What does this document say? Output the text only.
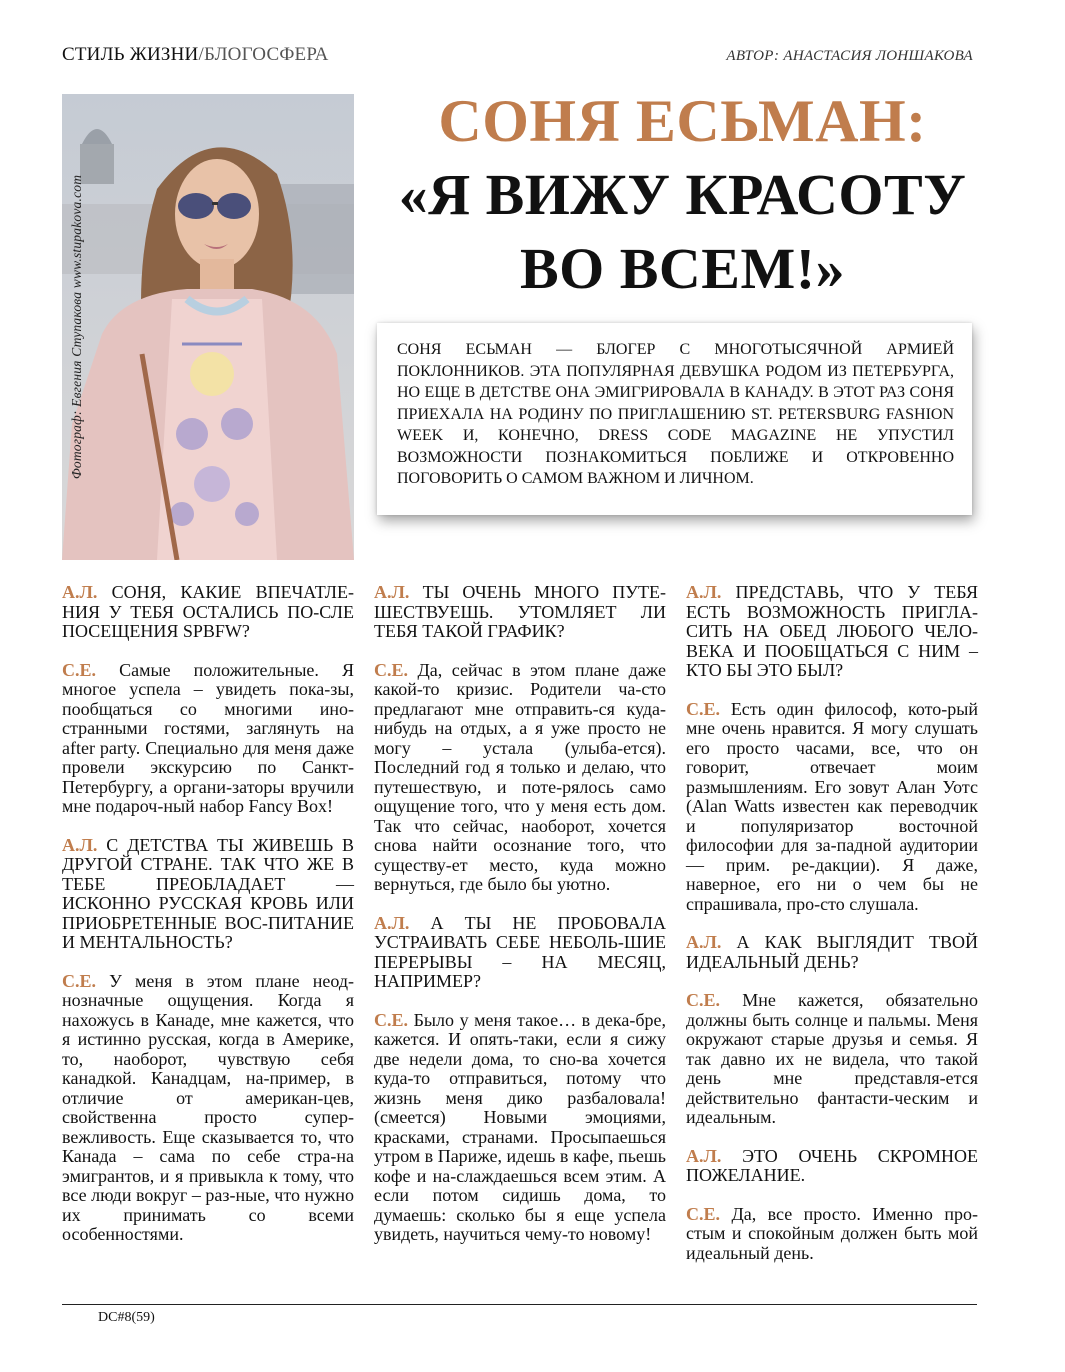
СТИЛЬ ЖИЗНИ/БЛОГОСФЕРА	АВТОР: АНАСТАСИЯ ЛОНШАКОВА
Фотограф: Евгения Ступакова www.stupakova.com
СОНЯ ЕСЬМАН:
«Я ВИЖУ КРАСОТУ
ВО ВСЕМ!»

СОНЯ ЕСЬМАН — БЛОГЕР С МНОГОТЫСЯЧНОЙ АРМИЕЙ ПОКЛОННИКОВ. ЭТА ПОПУЛЯРНАЯ ДЕВУШКА РОДОМ ИЗ ПЕТЕРБУРГА, НО ЕЩЕ В ДЕТСТВЕ ОНА ЭМИГРИРОВАЛА В КАНАДУ. В ЭТОТ РАЗ СОНЯ ПРИЕХАЛА НА РОДИНУ ПО ПРИГЛАШЕНИЮ ST. PETERSBURG FASHION WEEK И, КОНЕЧНО, DRESS CODE MAGAZINE НЕ УПУСТИЛ ВОЗМОЖНОСТИ ПОЗНАКОМИТЬСЯ ПОБЛИЖЕ И ОТКРОВЕННО ПОГОВОРИТЬ О САМОМ ВАЖНОМ И ЛИЧНОМ.

А.Л. СОНЯ, КАКИЕ ВПЕЧАТЛЕ-НИЯ У ТЕБЯ ОСТАЛИСЬ ПО-СЛЕ ПОСЕЩЕНИЯ SPBFW?

С.Е. Самые положительные. Я многое успела – увидеть пока-зы, пообщаться со многими ино-странными гостями, заглянуть на after party. Специально для меня даже провели экскурсию по Санкт-Петербургу, а органи-заторы вручили мне подароч-ный набор Fancy Box!

А.Л. С ДЕТСТВА ТЫ ЖИВЕШЬ В ДРУГОЙ СТРАНЕ. ТАК ЧТО ЖЕ В ТЕБЕ ПРЕОБЛАДАЕТ — ИСКОННО РУССКАЯ КРОВЬ ИЛИ ПРИОБРЕТЕННЫЕ ВОС-ПИТАНИЕ И МЕНТАЛЬНОСТЬ?

С.Е. У меня в этом плане неод-нозначные ощущения. Когда я нахожусь в Канаде, мне кажется, что я истинно русская, когда в Америке, то, наоборот, чувствую себя канадкой. Канадцам, на-пример, в отличие от американ-цев, свойственна просто супер-вежливость. Еще сказывается то, что Канада – сама по себе стра-на эмигрантов, и я привыкла к тому, что все люди вокруг – раз-ные, что нужно их принимать со всеми особенностями.

А.Л. ТЫ ОЧЕНЬ МНОГО ПУТЕ-ШЕСТВУЕШЬ. УТОМЛЯЕТ ЛИ ТЕБЯ ТАКОЙ ГРАФИК?

С.Е. Да, сейчас в этом плане даже какой-то кризис. Родители ча-сто предлагают мне отправить-ся куда-нибудь на отдых, а я уже просто не могу – устала (улыба-ется). Последний год я только и делаю, что путешествую, и поте-рялось само ощущение того, что у меня есть дом. Так что сейчас, наоборот, хочется снова найти осознание того, что существу-ет место, куда можно вернуться, где было бы уютно.

А.Л. А ТЫ НЕ ПРОБОВАЛА УСТРАИВАТЬ СЕБЕ НЕБОЛЬ-ШИЕ ПЕРЕРЫВЫ – НА МЕСЯЦ, НАПРИМЕР?

С.Е. Было у меня такое… в дека-бре, кажется. И опять-таки, если я сижу две недели дома, то сно-ва хочется куда-то отправиться, потому что жизнь меня дико разбаловала! (смеется) Новыми эмоциями, красками, странами. Просыпаешься утром в Париже, идешь в кафе, пьешь кофе и на-слаждаешься всем этим. А если потом сидишь дома, то думаешь: сколько бы я еще успела увидеть, научиться чему-то новому!

А.Л. ПРЕДСТАВЬ, ЧТО У ТЕБЯ ЕСТЬ ВОЗМОЖНОСТЬ ПРИГЛА-СИТЬ НА ОБЕД ЛЮБОГО ЧЕЛО-ВЕКА И ПООБЩАТЬСЯ С НИМ – КТО БЫ ЭТО БЫЛ?

С.Е. Есть один философ, кото-рый мне очень нравится. Я могу слушать его просто часами, все, что он говорит, отвечает моим размышлениям. Его зовут Алан Уотс (Alan Watts известен как переводчик и популяризатор восточной философии для за-падной аудитории — прим. ре-дакции). Я даже, наверное, его ни о чем бы не спрашивала, про-сто слушала.

А.Л. А КАК ВЫГЛЯДИТ ТВОЙ ИДЕАЛЬНЫЙ ДЕНЬ?

С.Е. Мне кажется, обязательно должны быть солнце и пальмы. Меня окружают старые друзья и семья. Я так давно их не видела, что такой день мне представля-ется действительно фантасти-ческим и идеальным.

А.Л. ЭТО ОЧЕНЬ СКРОМНОЕ ПОЖЕЛАНИЕ.

С.Е. Да, все просто. Именно про-стым и спокойным должен быть мой идеальный день.

DC#8(59)
